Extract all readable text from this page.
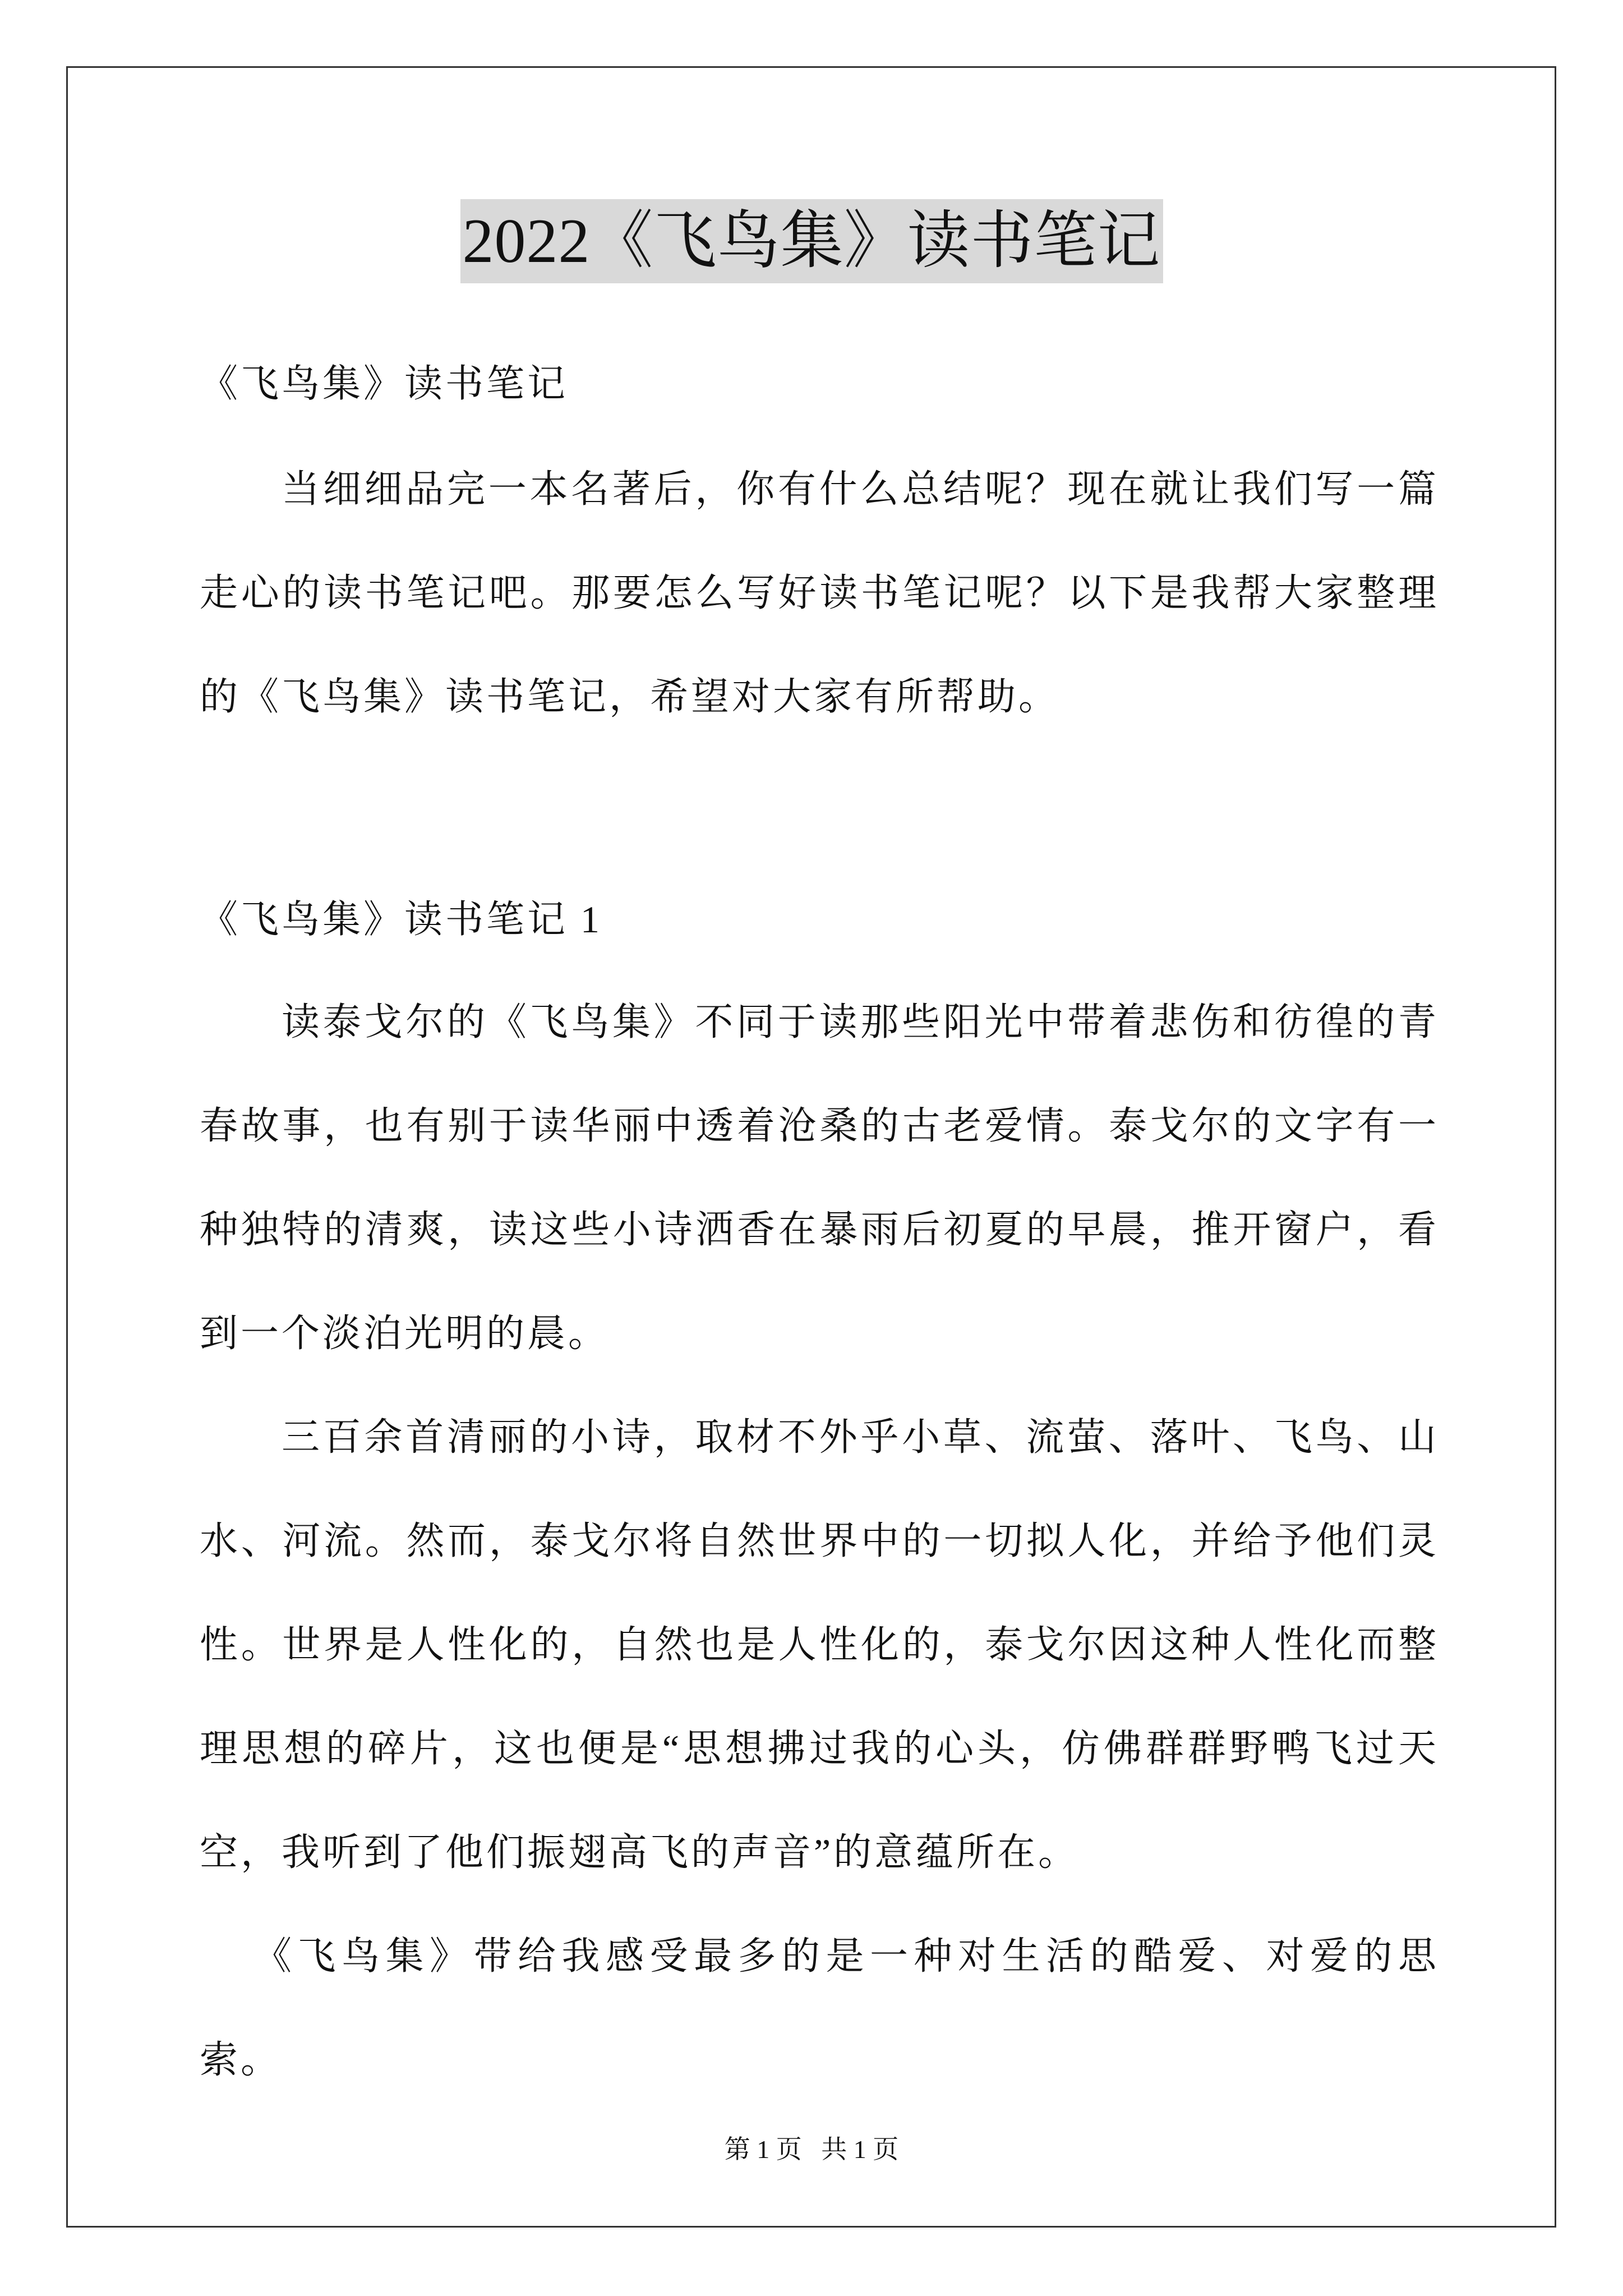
2022《飞鸟集》读书笔记
《飞鸟集》读书笔记

当细细品完一本名著后，你有什么总结呢？现在就让我们写一篇走心的读书笔记吧。那要怎么写好读书笔记呢？以下是我帮大家整理的《飞鸟集》读书笔记，希望对大家有所帮助。

《飞鸟集》读书笔记 1

读泰戈尔的《飞鸟集》不同于读那些阳光中带着悲伤和彷徨的青春故事，也有别于读华丽中透着沧桑的古老爱情。泰戈尔的文字有一种独特的清爽，读这些小诗洒香在暴雨后初夏的早晨，推开窗户，看到一个淡泊光明的晨。

三百余首清丽的小诗，取材不外乎小草、流萤、落叶、飞鸟、山水、河流。然而，泰戈尔将自然世界中的一切拟人化，并给予他们灵性。世界是人性化的，自然也是人性化的，泰戈尔因这种人性化而整理思想的碎片，这也便是“思想拂过我的心头，仿佛群群野鸭飞过天空，我听到了他们振翅高飞的声音”的意蕴所在。

《飞鸟集》带给我感受最多的是一种对生活的酷爱、对爱的思索。

第 1 页   共 1 页
